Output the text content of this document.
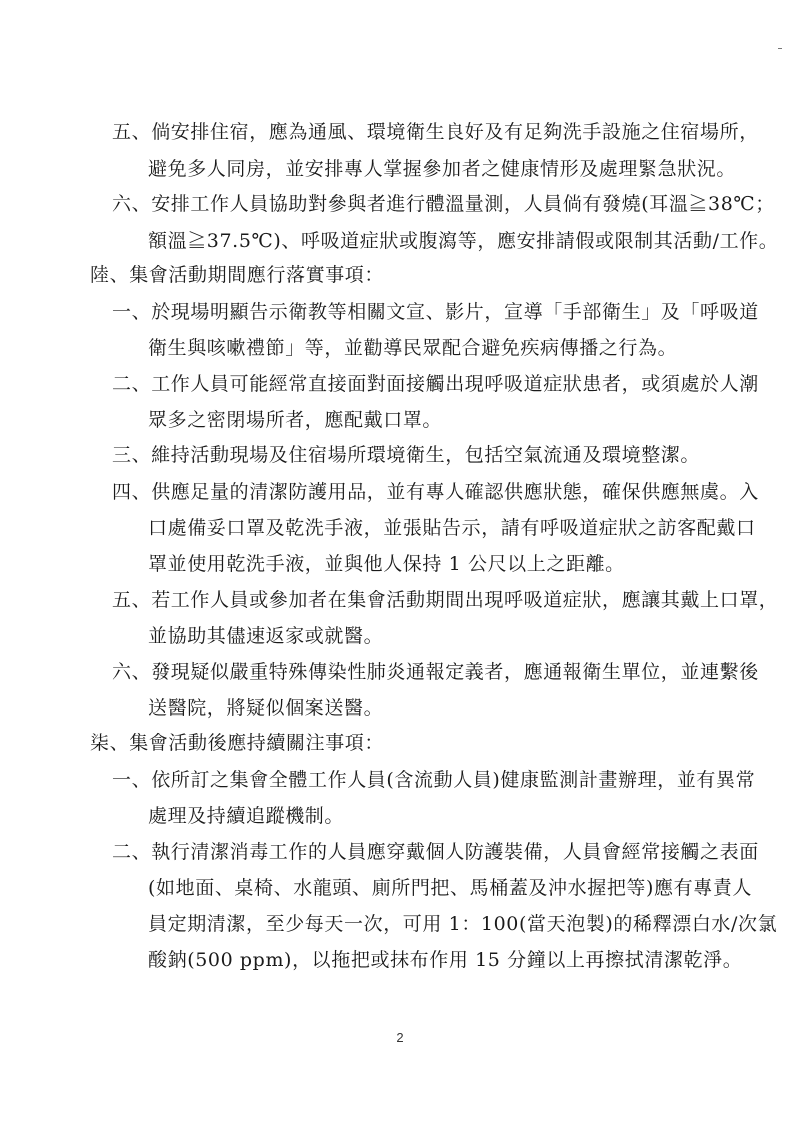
五、倘安排住宿，應為通風、環境衛生良好及有足夠洗手設施之住宿場所，
避免多人同房，並安排專人掌握參加者之健康情形及處理緊急狀況。
六、安排工作人員協助對參與者進行體溫量測，人員倘有發燒(耳溫≧38℃；
額溫≧37.5℃)、呼吸道症狀或腹瀉等，應安排請假或限制其活動/工作。
陸、集會活動期間應行落實事項：
一、於現場明顯告示衛教等相關文宣、影片，宣導「手部衛生」及「呼吸道
衛生與咳嗽禮節」等，並勸導民眾配合避免疾病傳播之行為。
二、工作人員可能經常直接面對面接觸出現呼吸道症狀患者，或須處於人潮
眾多之密閉場所者，應配戴口罩。
三、維持活動現場及住宿場所環境衛生，包括空氣流通及環境整潔。
四、供應足量的清潔防護用品，並有專人確認供應狀態，確保供應無虞。入
口處備妥口罩及乾洗手液，並張貼告示，請有呼吸道症狀之訪客配戴口
罩並使用乾洗手液，並與他人保持 1 公尺以上之距離。
五、若工作人員或參加者在集會活動期間出現呼吸道症狀，應讓其戴上口罩，
並協助其儘速返家或就醫。
六、發現疑似嚴重特殊傳染性肺炎通報定義者，應通報衛生單位，並連繫後
送醫院，將疑似個案送醫。
柒、集會活動後應持續關注事項：
一、依所訂之集會全體工作人員(含流動人員)健康監測計畫辦理，並有異常
處理及持續追蹤機制。
二、執行清潔消毒工作的人員應穿戴個人防護裝備，人員會經常接觸之表面
(如地面、桌椅、水龍頭、廁所門把、馬桶蓋及沖水握把等)應有專責人
員定期清潔，至少每天一次，可用 1：100(當天泡製)的稀釋漂白水/次氯
酸鈉(500 ppm)，以拖把或抹布作用 15 分鐘以上再擦拭清潔乾淨。
2
